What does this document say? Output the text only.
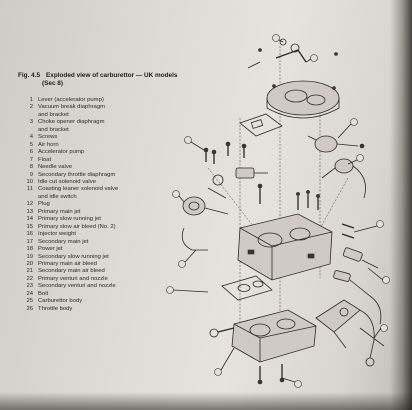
Fig. 4.5 Exploded view of carburettor — UK models
(Sec 8)
1 Lever (accelerator pump)
2 Vacuum break diaphragm
and bracket
3 Choke opener diaphragm
and bracket
4 Screws
5 Air horn
6 Accelerator pump
7 Float
8 Needle valve
9 Secondary throttle diaphragm
10 Idle cut solenoid valve
11 Coasting leaner solenoid valve
and idle switch
12 Plug
13 Primary main jet
14 Primary slow running jet
15 Primary slow air bleed (No. 2)
16 Injector weight
17 Secondary main jet
18 Power jet
19 Secondary slow running jet
20 Primary main air bleed
21 Secondary main air bleed
22 Primary venturi and nozzle
23 Secondary venturi and nozzle
24 Bolt
25 Carburettor body
26 Throttle body
